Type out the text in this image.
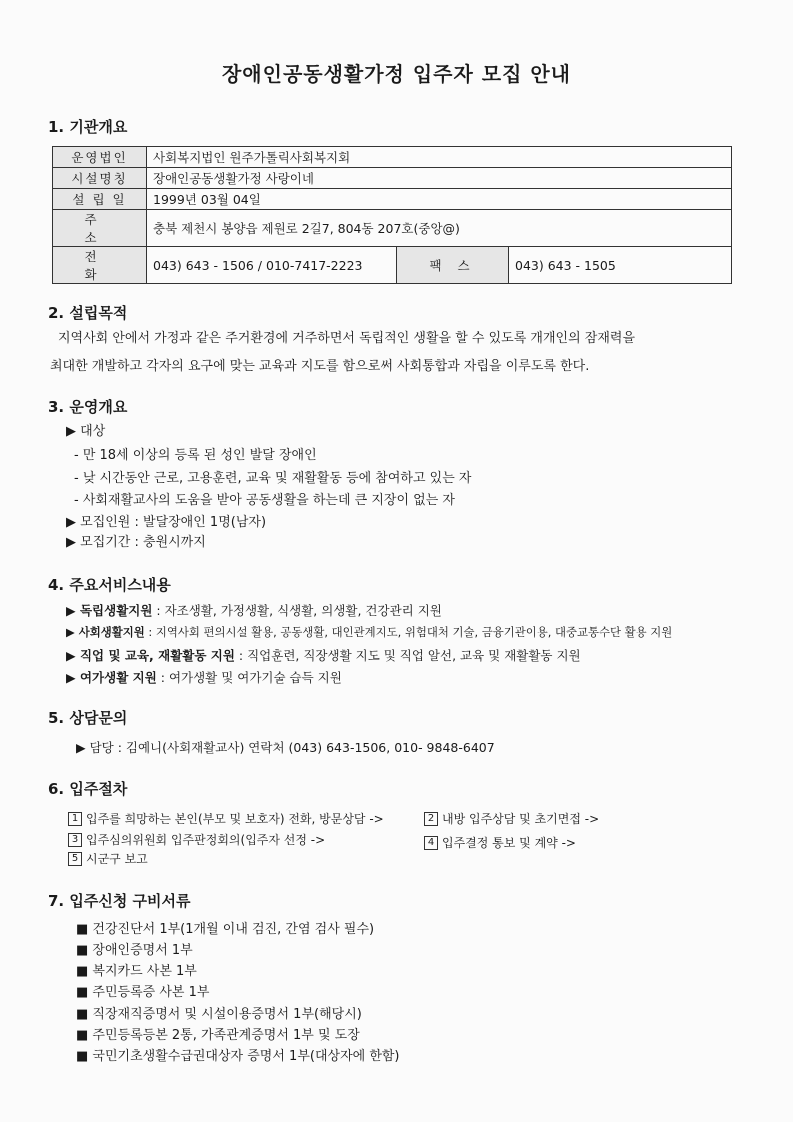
장애인공동생활가정 입주자 모집 안내
1. 기관개요
운영법인	사회복지법인 원주가톨릭사회복지회		
시설명칭	장애인공동생활가정 사랑이네		
설 립 일	1999년 03월 04일		
주 소	충북 제천시 봉양읍 제원로 2길7, 804동 207호(중앙@)		
전 화	043) 643 - 1506 / 010-7417-2223	팩 스	043) 643 - 1505
2. 설립목적
지역사회 안에서 가정과 같은 주거환경에 거주하면서 독립적인 생활을 할 수 있도록 개개인의 잠재력을
최대한 개발하고 각자의 요구에 맞는 교육과 지도를 함으로써 사회통합과 자립을 이루도록 한다.
3. 운영개요
▶ 대상
- 만 18세 이상의 등록 된 성인 발달 장애인
- 낮 시간동안 근로, 고용훈련, 교육 및 재활활동 등에 참여하고 있는 자
- 사회재활교사의 도움을 받아 공동생활을 하는데 큰 지장이 없는 자
▶ 모집인원 : 발달장애인 1명(남자)
▶ 모집기간 : 충원시까지
4. 주요서비스내용
▶ 독립생활지원 : 자조생활, 가정생활, 식생활, 의생활, 건강관리 지원
▶ 사회생활지원 : 지역사회 편의시설 활용, 공동생활, 대인관계지도, 위험대처 기술, 금융기관이용, 대중교통수단 활용 지원
▶ 직업 및 교육, 재활활동 지원 : 직업훈련, 직장생활 지도 및 직업 알선, 교육 및 재활활동 지원
▶ 여가생활 지원 : 여가생활 및 여가기술 습득 지원
5. 상담문의
▶ 담당 : 김예니(사회재활교사) 연락처 (043) 643-1506, 010- 9848-6407
6. 입주절차
1 입주를 희망하는 본인(부모 및 보호자) 전화, 방문상담 ->	2 내방 입주상담 및 초기면접 ->
3 입주심의위원회 입주판정회의(입주자 선정 ->	4 입주결정 통보 및 계약 ->
5 시군구 보고
7. 입주신청 구비서류
■ 건강진단서 1부(1개월 이내 검진, 간염 검사 필수)
■ 장애인증명서 1부
■ 복지카드 사본 1부
■ 주민등록증 사본 1부
■ 직장재직증명서 및 시설이용증명서 1부(해당시)
■ 주민등록등본 2통, 가족관계증명서 1부 및 도장
■ 국민기초생활수급권대상자 증명서 1부(대상자에 한함)
